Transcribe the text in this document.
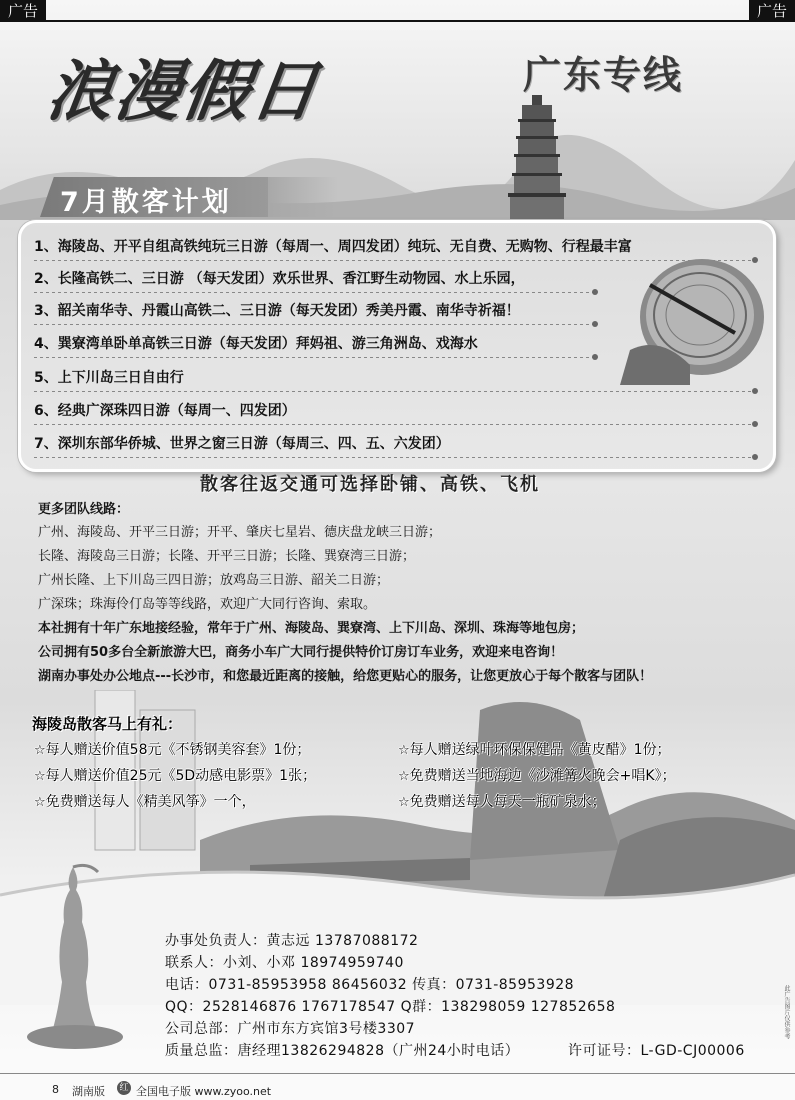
广告	广告
浪漫假日	广东专线
7月散客计划
1、海陵岛、开平自组高铁纯玩三日游（每周一、周四发团）纯玩、无自费、无购物、行程最丰富
2、长隆高铁二、三日游 （每天发团）欢乐世界、香江野生动物园、水上乐园，
3、韶关南华寺、丹霞山高铁二、三日游（每天发团）秀美丹霞、南华寺祈福！
4、巽寮湾单卧单高铁三日游（每天发团）拜妈祖、游三角洲岛、戏海水
5、上下川岛三日自由行
6、经典广深珠四日游（每周一、四发团）
7、深圳东部华侨城、世界之窗三日游（每周三、四、五、六发团）
散客往返交通可选择卧铺、高铁、飞机
更多团队线路：
广州、海陵岛、开平三日游；开平、肇庆七星岩、德庆盘龙峡三日游；
长隆、海陵岛三日游；长隆、开平三日游；长隆、巽寮湾三日游；
广州长隆、上下川岛三四日游；放鸡岛三日游、韶关二日游；
广深珠；珠海伶仃岛等等线路，欢迎广大同行咨询、索取。
本社拥有十年广东地接经验，常年于广州、海陵岛、巽寮湾、上下川岛、深圳、珠海等地包房；
公司拥有50多台全新旅游大巴，商务小车广大同行提供特价订房订车业务，欢迎来电咨询！
湖南办事处办公地点---长沙市，和您最近距离的接触，给您更贴心的服务，让您更放心于每个散客与团队！
海陵岛散客马上有礼：
☆每人赠送价值58元《不锈钢美容套》1份；	☆每人赠送绿叶环保保健品《黄皮醋》1份；
☆每人赠送价值25元《5D动感电影票》1张；	☆免费赠送当地海边《沙滩篝火晚会+唱K》；
☆免费赠送每人《精美风筝》一个，	☆免费赠送每人每天一瓶矿泉水；
办事处负责人：黄志远 13787088172
联系人：小刘、小邓 18974959740
电话：0731-85953958 86456032 传真：0731-85953928
QQ：2528146876 1767178547 Q群：138298059 127852658
公司总部：广州市东方宾馆3号楼3307
质量总监：唐经理13826294828（广州24小时电话）	许可证号：L-GD-CJ00006
此广告图片仅供参考
8 湖南版 红 全国电子版 www.zyoo.net
